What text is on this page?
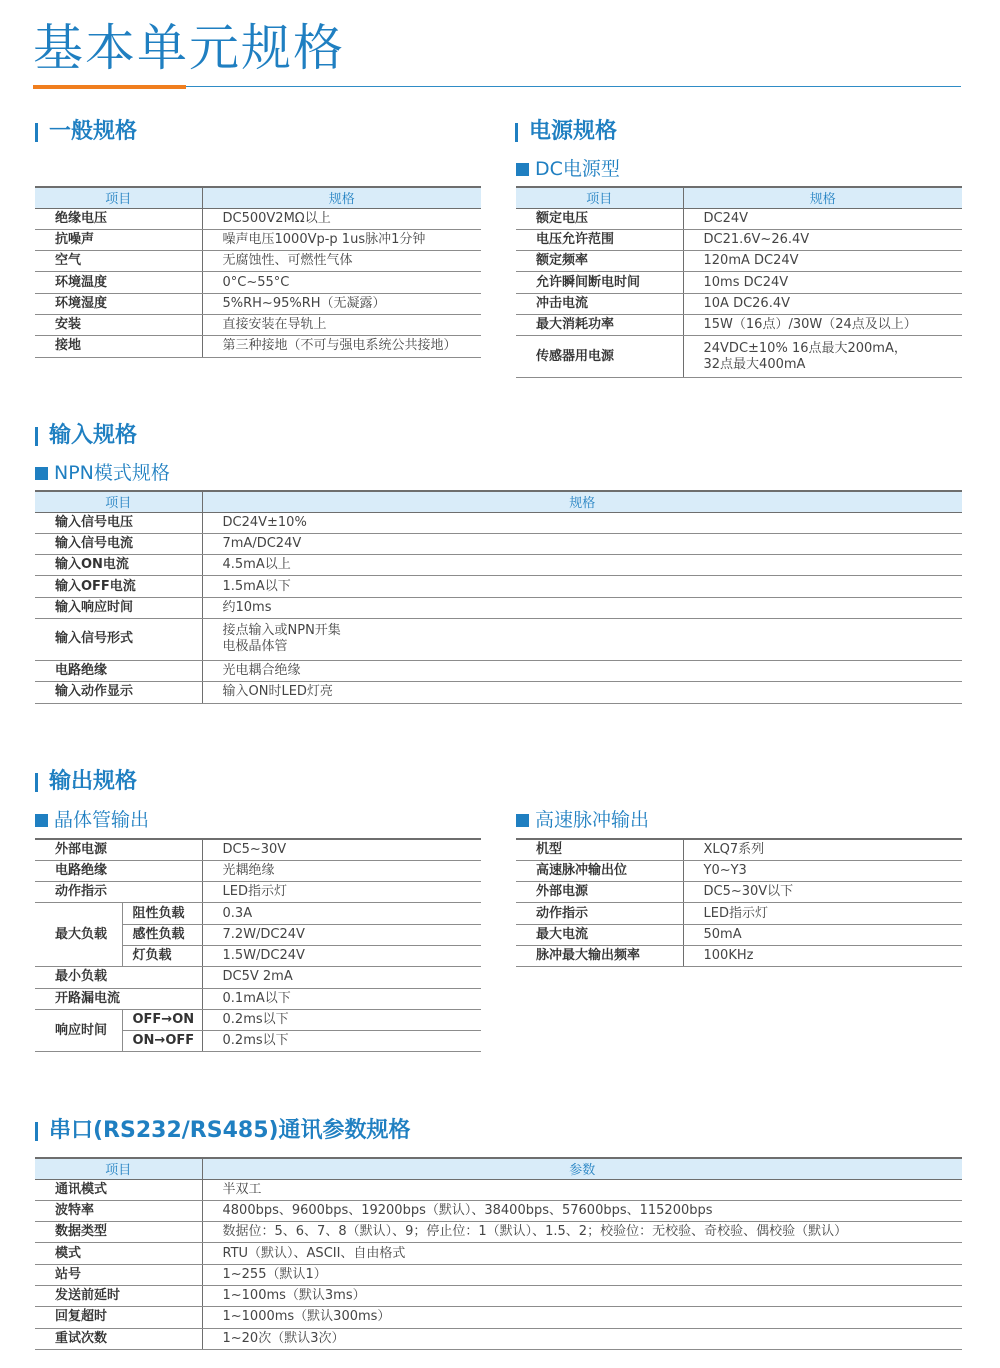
基本单元规格
一般规格
项目	规格
绝缘电压	DC500V2MΩ以上
抗噪声	噪声电压1000Vp-p 1us脉冲1分钟
空气	无腐蚀性、可燃性气体
环境温度	0°C~55°C
环境湿度	5%RH~95%RH（无凝露）
安装	直接安装在导轨上
接地	第三种接地（不可与强电系统公共接地）
电源规格
DC电源型
项目	规格
额定电压	DC24V
电压允许范围	DC21.6V~26.4V
额定频率	120mA DC24V
允许瞬间断电时间	10ms DC24V
冲击电流	10A DC26.4V
最大消耗功率	15W（16点）/30W（24点及以上）
传感器用电源	24VDC±10% 16点最大200mA，
32点最大400mA
输入规格
NPN模式规格
项目	规格
输入信号电压	DC24V±10%
输入信号电流	7mA/DC24V
输入ON电流	4.5mA以上
输入OFF电流	1.5mA以下
输入响应时间	约10ms
输入信号形式	接点输入或NPN开集
电极晶体管

电路绝缘	光电耦合绝缘
输入动作显示	输入ON时LED灯亮
输出规格
晶体管输出
外部电源		DC5~30V
电路绝缘		光耦绝缘
动作指示		LED指示灯
最大负载	阻性负载	0.3A
	感性负载	7.2W/DC24V
	灯负载	1.5W/DC24V
最小负载		DC5V 2mA
开路漏电流		0.1mA以下
响应时间	OFF→ON	0.2ms以下
	ON→OFF	0.2ms以下
高速脉冲输出
机型	XLQ7系列
高速脉冲输出位	Y0~Y3
外部电源	DC5~30V以下
动作指示	LED指示灯
最大电流	50mA
脉冲最大输出频率	100KHz
串口(RS232/RS485)通讯参数规格
项目	参数
通讯模式	半双工
波特率	4800bps、9600bps、19200bps（默认）、38400bps、57600bps、115200bps
数据类型	数据位：5、6、7、8（默认）、9；停止位：1（默认）、1.5、2；校验位：无校验、奇校验、偶校验（默认）
模式	RTU（默认）、ASCII、自由格式
站号	1~255（默认1）
发送前延时	1~100ms（默认3ms）
回复超时	1~1000ms（默认300ms）
重试次数	1~20次（默认3次）
